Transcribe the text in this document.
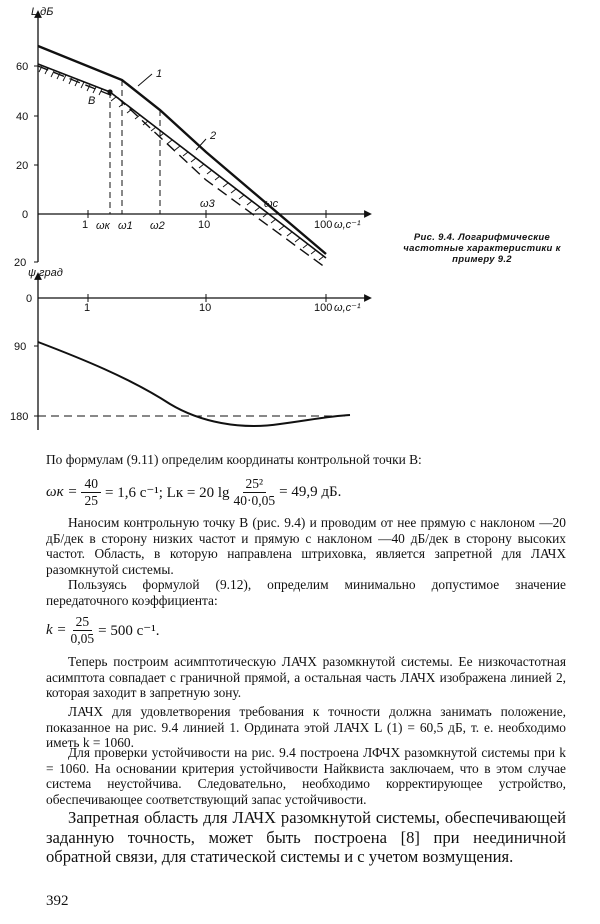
L,дБ
60
40
20
0
20
1	10	100 ω,с⁻¹
B
1
2
ωк ω1 ω2
ω3	ωс
ψ,град
1	10	100 ω,с⁻¹
0
90
180
Рис. 9.4. Логарифмические частотные характеристики к примеру 9.2
По формулам (9.11) определим координаты контрольной точки B:
$\omega к = \frac{40}{25} = 1,6$ с⁻¹; Lк = 20 $\lg \frac{\text{25²}}{40\cdot 0,05} = 49,9$ дБ.
Наносим контрольную точку B (рис. 9.4) и проводим от нее прямую с наклоном —20 дБ/дек в сторону низких частот и прямую с наклоном —40 дБ/дек в сторону высоких частот. Область, в которую направлена штриховка, является запретной для ЛАЧХ разомкнутой системы.
Пользуясь формулой (9.12), определим минимально допустимое значение передаточного коэффициента:
$k = \frac{25}{0,05} = 500$ с⁻¹.
Теперь построим асимптотическую ЛАЧХ разомкнутой системы. Ее низкочастотная асимптота совпадает с граничной прямой, а остальная часть ЛАЧХ изображена линией 2, которая заходит в запретную зону.
ЛАЧХ для удовлетворения требования к точности должна занимать положение, показанное на рис. 9.4 линией 1. Ордината этой ЛАЧХ L (1) = 60,5 дБ, т. е. необходимо иметь k = 1060.
Для проверки устойчивости на рис. 9.4 построена ЛФЧХ разомкнутой системы при k = 1060. На основании критерия устойчивости Найквиста заключаем, что в этом случае система неустойчива. Следовательно, необходимо корректирующее устройство, обеспечивающее соответствующий запас устойчивости.
Запретная область для ЛАЧХ разомкнутой системы, обеспечивающей заданную точность, может быть построена [8] при неединичной обратной связи, для статической системы и с учетом возмущения.
392
